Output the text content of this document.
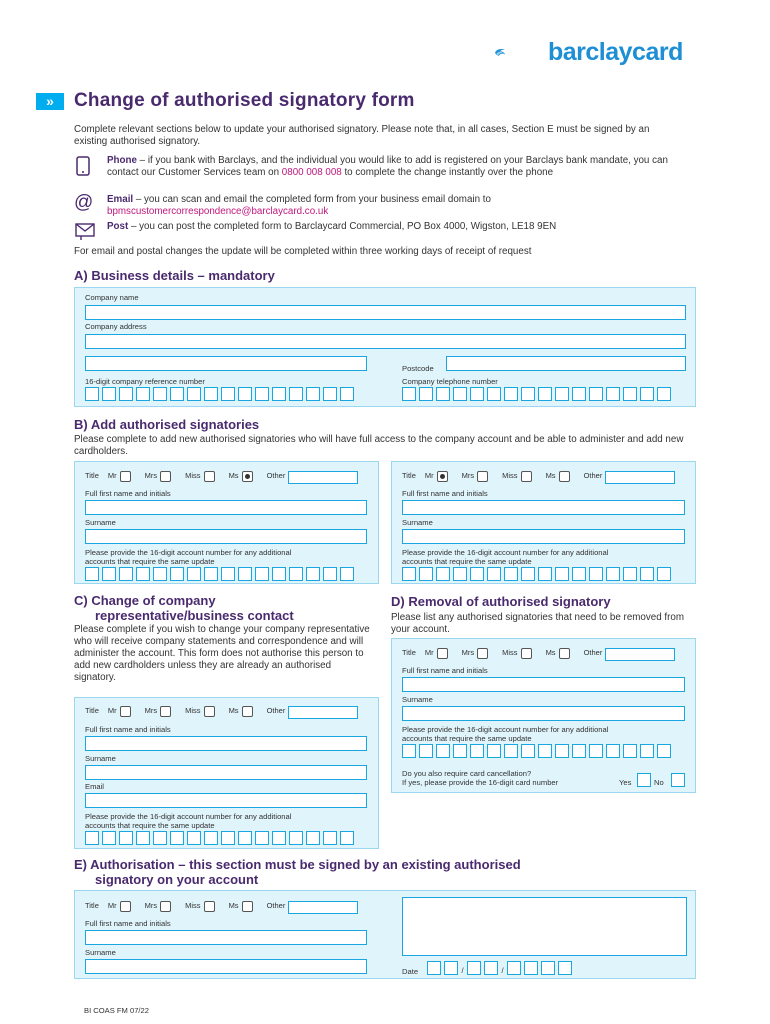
barclaycard
»	Change of authorised signatory form
Complete relevant sections below to update your authorised signatory. Please note that, in all cases, Section E must be signed by an existing authorised signatory.
Phone – if you bank with Barclays, and the individual you would like to add is registered on your Barclays bank mandate, you can contact our Customer Services team on 0800 008 008 to complete the change instantly over the phone
@ Email – you can scan and email the completed form from your business email domain to
bpmscustomercorrespondence@barclaycard.co.uk
Post – you can post the completed form to Barclaycard Commercial, PO Box 4000, Wigston, LE18 9EN
For email and postal changes the update will be completed within three working days of receipt of request
A) Business details – mandatory
Company name
Company address
Postcode
16-digit company reference number	Company telephone number
B) Add authorised signatories
Please complete to add new authorised signatories who will have full access to the company account and be able to administer and add new cardholders.
Title Mr	Mrs	Miss	Ms	Other
Full first name and initials
Surname
Please provide the 16-digit account number for any additional
accounts that require the same update
Title Mr	Mrs	Miss	Ms	Other
Full first name and initials
Surname
Please provide the 16-digit account number for any additional
accounts that require the same update
C) Change of company
representative/business contact
Please complete if you wish to change your company representative who will receive company statements and correspondence and will administer the account. This form does not authorise this person to add new cardholders unless they are already an authorised signatory.
Title Mr	Mrs	Miss	Ms	Other
Full first name and initials
Surname
Email
Please provide the 16-digit account number for any additional
accounts that require the same update
D) Removal of authorised signatory
Please list any authorised signatories that need to be removed from your account.
Title Mr	Mrs	Miss	Ms	Other
Full first name and initials
Surname
Please provide the 16-digit account number for any additional
accounts that require the same update
Do you also require card cancellation?
If yes, please provide the 16-digit card number	Yes	No
E) Authorisation – this section must be signed by an existing authorised
signatory on your account
Title Mr	Mrs	Miss	Ms	Other
Full first name and initials
Surname
Date	/	/
BI COAS FM 07/22
